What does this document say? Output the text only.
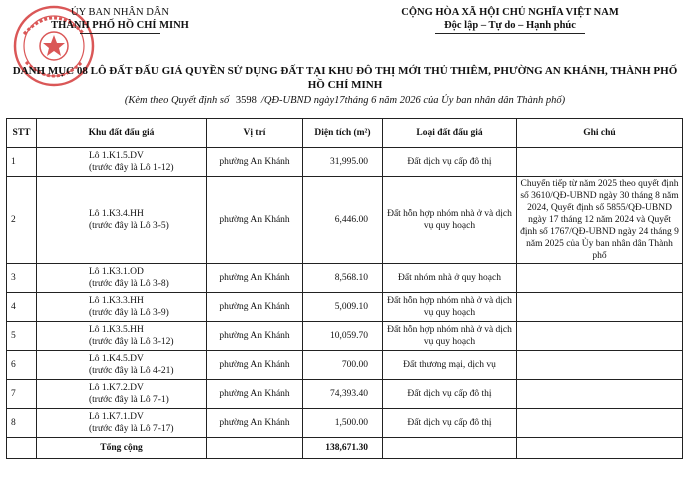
ỦY BAN NHÂN DÂN
THÀNH PHỐ HỒ CHÍ MINH
CỘNG HÒA XÃ HỘI CHỦ NGHĨA VIỆT NAM
Độc lập – Tự do – Hạnh phúc
DANH MỤC 08 LÔ ĐẤT ĐẤU GIÁ QUYỀN SỬ DỤNG ĐẤT TẠI KHU ĐÔ THỊ MỚI THỦ THIÊM, PHƯỜNG AN KHÁNH, THÀNH PHỐ HỒ CHÍ MINH
(Kèm theo Quyết định số 3598 /QĐ-UBND ngày17tháng 6 năm 2026 của Ủy ban nhân dân Thành phố)
STT	Khu đất đấu giá	Vị trí	Diện tích (m²)	Loại đất đấu giá	Ghi chú
1	Lô 1.K1.5.DV
(trước đây là Lô 1-12)	phường An Khánh	31,995.00	Đất dịch vụ cấp đô thị	
2	Lô 1.K3.4.HH
(trước đây là Lô 3-5)	phường An Khánh	6,446.00	Đất hỗn hợp nhóm nhà ở và dịch vụ quy hoạch	Chuyển tiếp từ năm 2025 theo quyết định số 3610/QĐ-UBND ngày 30 tháng 8 năm 2024, Quyết định số 5855/QĐ-UBND ngày 17 tháng 12 năm 2024 và Quyết định số 1767/QĐ-UBND ngày 24 tháng 9 năm 2025 của Ủy ban nhân dân Thành phố
3	Lô 1.K3.1.OD
(trước đây là Lô 3-8)	phường An Khánh	8,568.10	Đất nhóm nhà ở quy hoạch	
4	Lô 1.K3.3.HH
(trước đây là Lô 3-9)	phường An Khánh	5,009.10	Đất hỗn hợp nhóm nhà ở và dịch vụ quy hoạch	
5	Lô 1.K3.5.HH
(trước đây là Lô 3-12)	phường An Khánh	10,059.70	Đất hỗn hợp nhóm nhà ở và dịch vụ quy hoạch	
6	Lô 1.K4.5.DV
(trước đây là Lô 4-21)	phường An Khánh	700.00	Đất thương mại, dịch vụ	
7	Lô 1.K7.2.DV
(trước đây là Lô 7-1)	phường An Khánh	74,393.40	Đất dịch vụ cấp đô thị	
8	Lô 1.K7.1.DV
(trước đây là Lô 7-17)	phường An Khánh	1,500.00	Đất dịch vụ cấp đô thị	
	Tổng cộng		138,671.30		
